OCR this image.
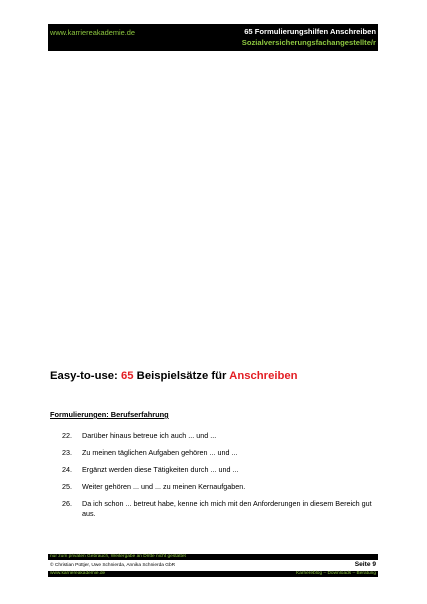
www.karriereakademie.de	65 Formulierungshilfen Anschreiben
Sozialversicherungsfachangestellte/r
Easy-to-use: 65 Beispielsätze für Anschreiben
Formulierungen: Berufserfahrung
22.	Darüber hinaus betreue ich auch ... und ...
23.	Zu meinen täglichen Aufgaben gehören ... und ...
24.	Ergänzt werden diese Tätigkeiten durch ... und ...
25.	Weiter gehören ... und ... zu meinen Kernaufgaben.
26.	Da ich schon ... betreut habe, kenne ich mich mit den Anforderungen in diesem Bereich gut aus.
nur zum privaten Gebrauch, Weitergabe an Dritte nicht gestattet
© Christian Püttjer, Uwe Schnierda, Annika Schnierda GbR	Seite 9
www.karriereakademie.de	Karriereblog – Downloads – Beratung
